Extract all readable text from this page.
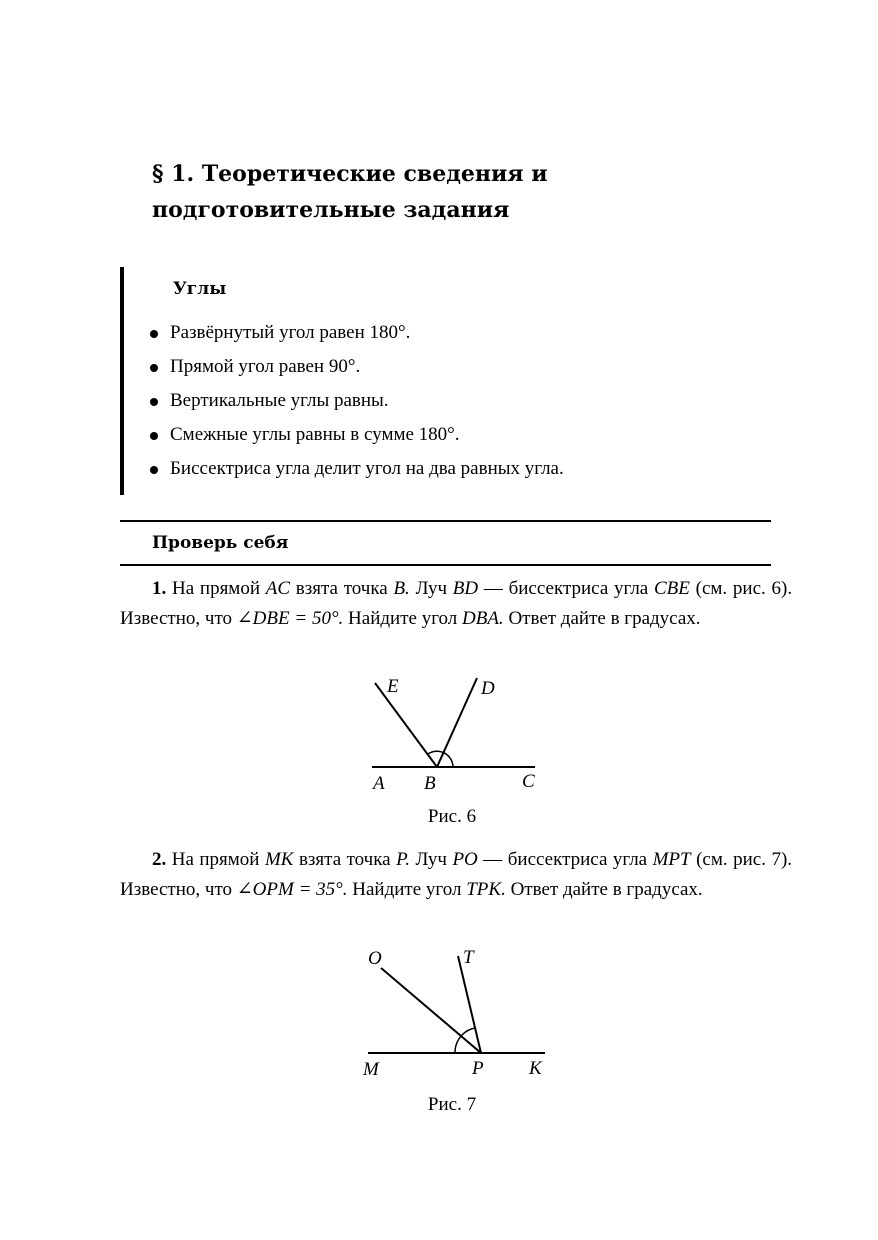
§ 1. Теоретические сведения и подготовительные задания
Углы
Развёрнутый угол равен 180°.
Прямой угол равен 90°.
Вертикальные углы равны.
Смежные углы равны в сумме 180°.
Биссектриса угла делит угол на два равных угла.
Проверь себя

1. На прямой AC взята точка B. Луч BD — биссектриса угла CBE (см. рис. 6). Известно, что ∠DBE = 50°. Найдите угол DBA. Ответ дайте в градусах.

E	D
A B	C
Рис. 6

2. На прямой MK взята точка P. Луч PO — биссектриса угла MPT (см. рис. 7). Известно, что ∠OPM = 35°. Найдите угол TPK. Ответ дайте в градусах.

O	T
M	P K
Рис. 7
